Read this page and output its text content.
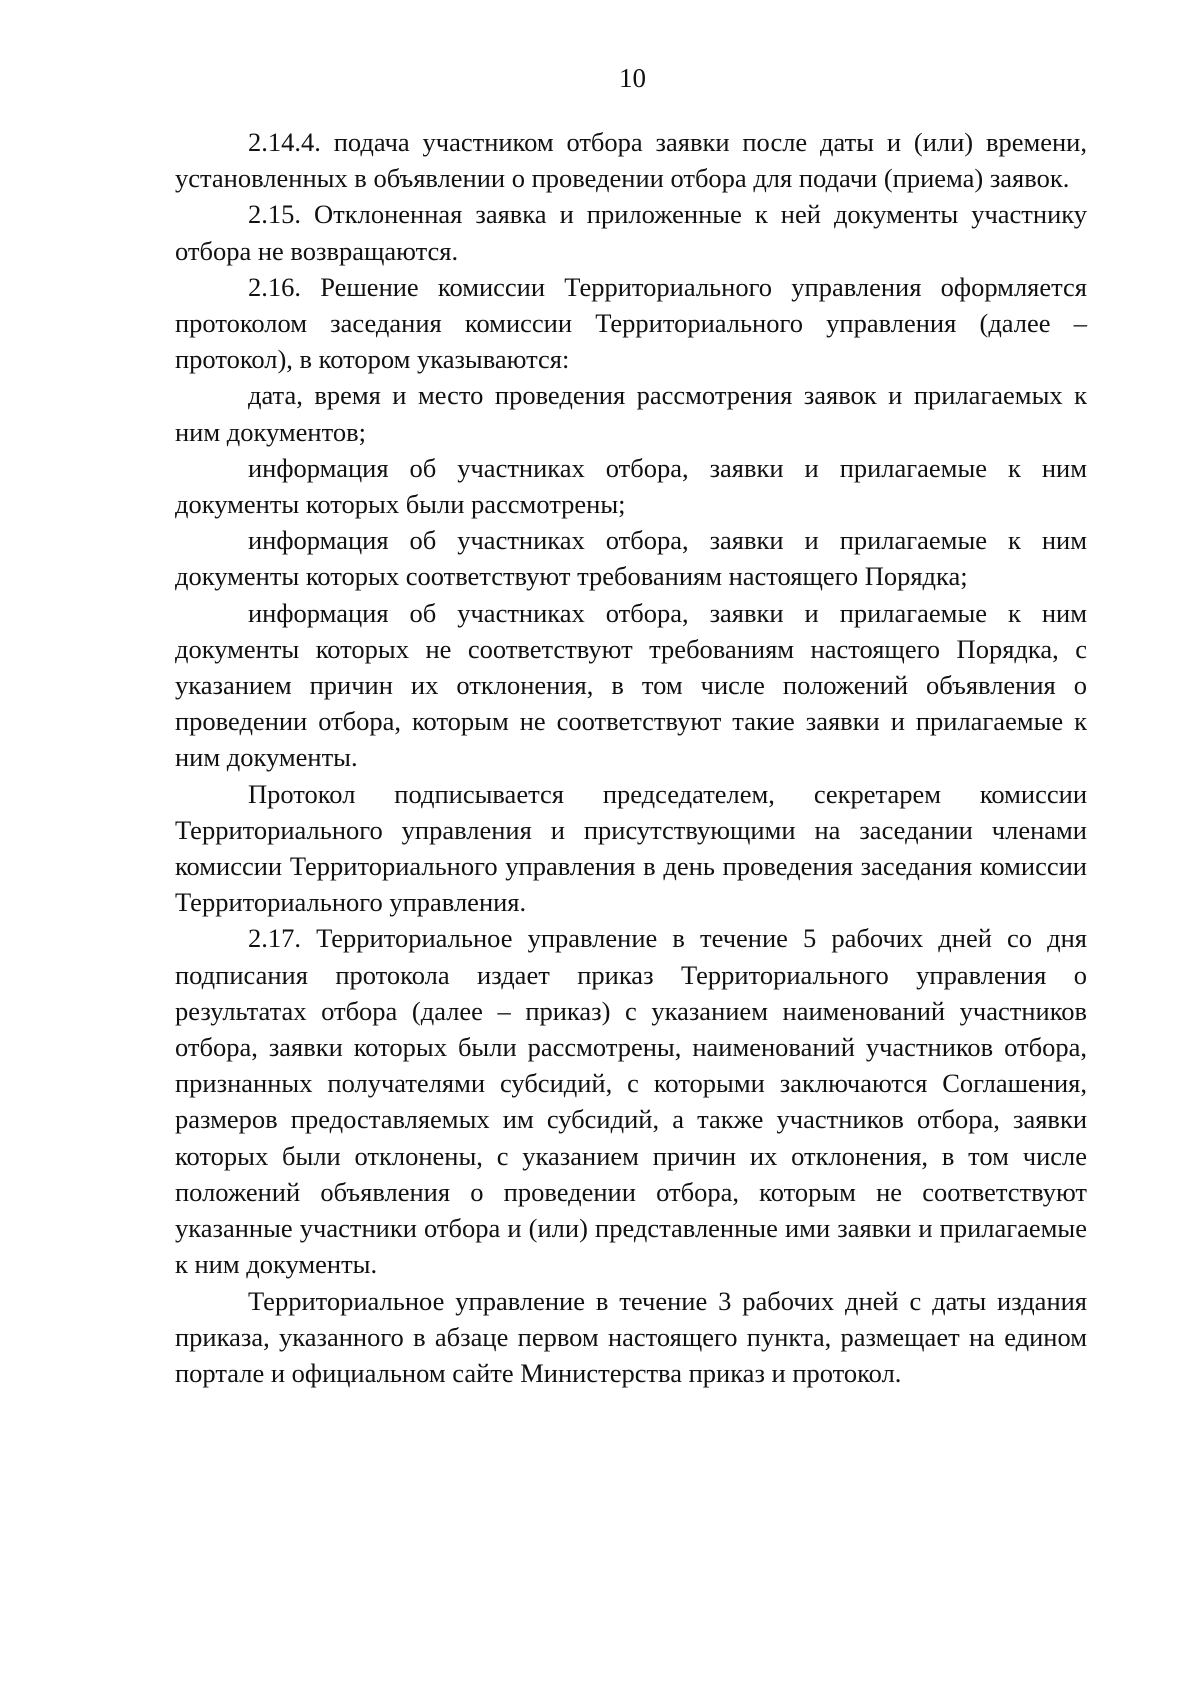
10

2.14.4. подача участником отбора заявки после даты и (или) времени, установленных в объявлении о проведении отбора для подачи (приема) заявок.

2.15. Отклоненная заявка и приложенные к ней документы участнику отбора не возвращаются.

2.16. Решение комиссии Территориального управления оформляется протоколом заседания комиссии Территориального управления (далее – протокол), в котором указываются:

дата, время и место проведения рассмотрения заявок и прилагаемых к ним документов;

информация об участниках отбора, заявки и прилагаемые к ним документы которых были рассмотрены;

информация об участниках отбора, заявки и прилагаемые к ним документы которых соответствуют требованиям настоящего Порядка;

информация об участниках отбора, заявки и прилагаемые к ним документы которых не соответствуют требованиям настоящего Порядка, с указанием причин их отклонения, в том числе положений объявления о проведении отбора, которым не соответствуют такие заявки и прилагаемые к ним документы.

Протокол подписывается председателем, секретарем комиссии Территориального управления и присутствующими на заседании членами комиссии Территориального управления в день проведения заседания комиссии Территориального управления.

2.17. Территориальное управление в течение 5 рабочих дней со дня подписания протокола издает приказ Территориального управления о результатах отбора (далее – приказ) с указанием наименований участников отбора, заявки которых были рассмотрены, наименований участников отбора, признанных получателями субсидий, с которыми заключаются Соглашения, размеров предоставляемых им субсидий, а также участников отбора, заявки которых были отклонены, с указанием причин их отклонения, в том числе положений объявления о проведении отбора, которым не соответствуют указанные участники отбора и (или) представленные ими заявки и прилагаемые к ним документы.

Территориальное управление в течение 3 рабочих дней с даты издания приказа, указанного в абзаце первом настоящего пункта, размещает на едином портале и официальном сайте Министерства приказ и протокол.
